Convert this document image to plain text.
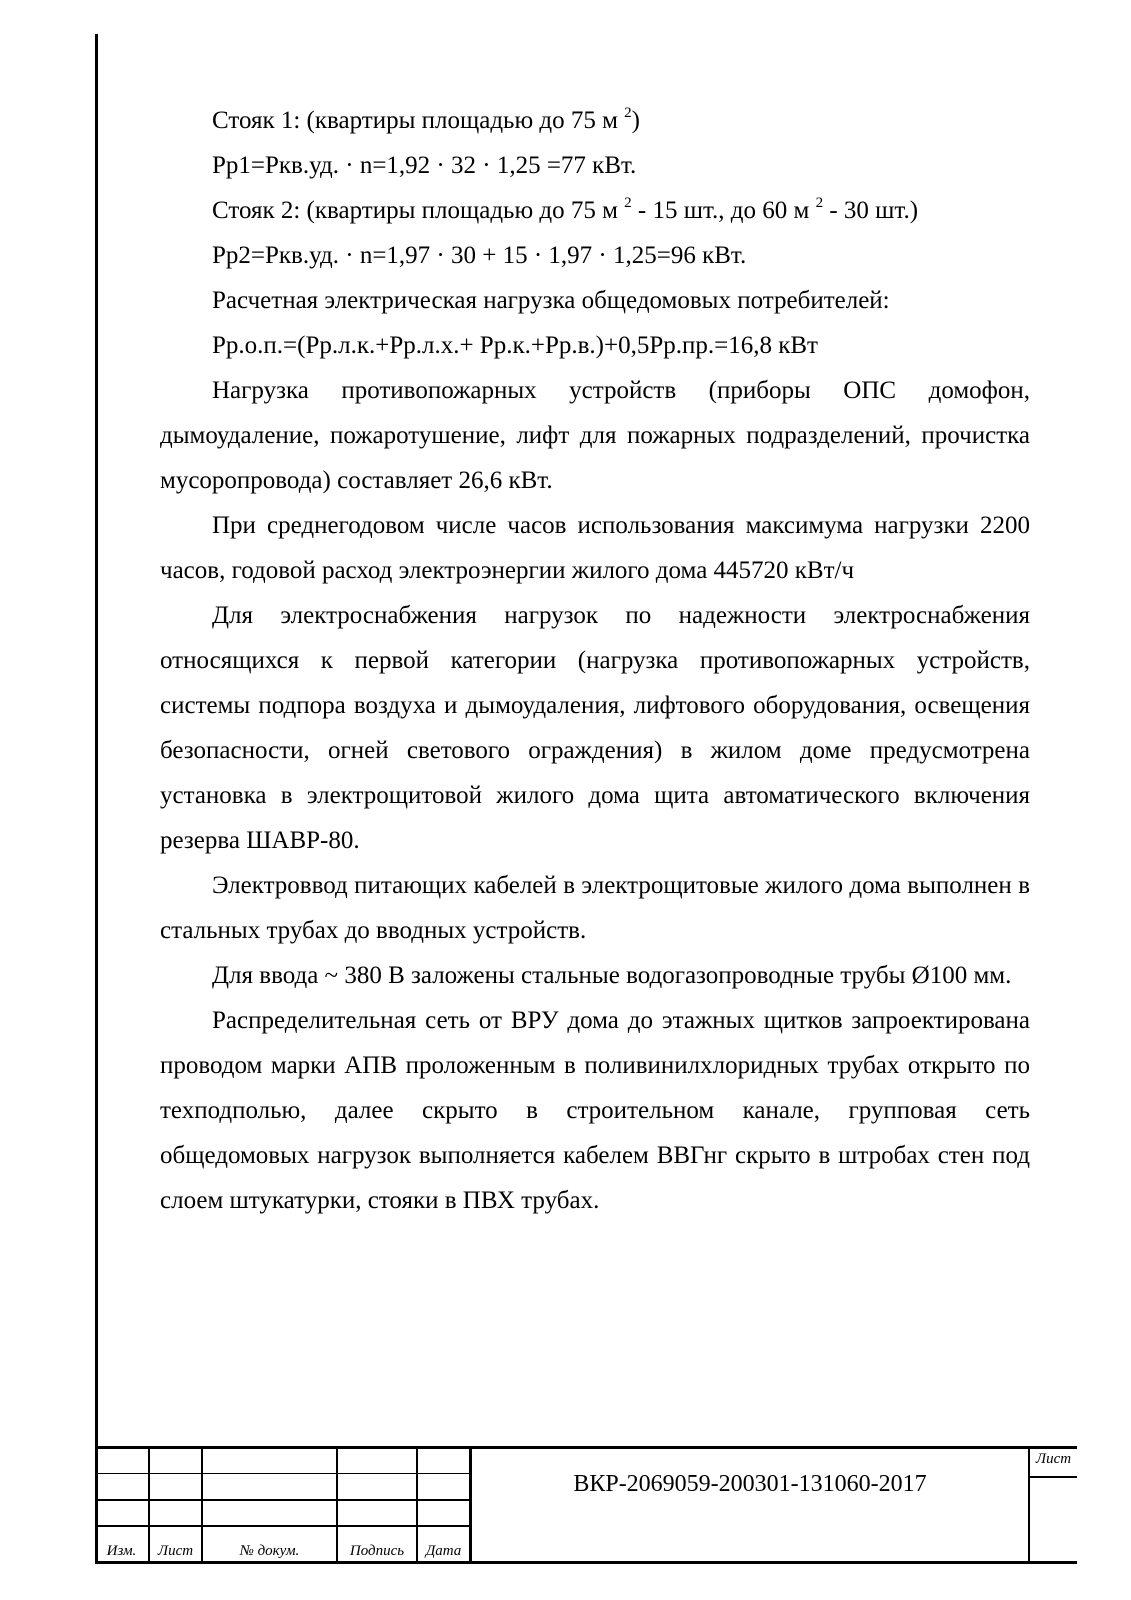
Стояк 1: (квартиры площадью до 75 м $^2$)

Рр1=Ркв.уд. · n=1,92 · 32 · 1,25 =77 кВт.

Стояк 2: (квартиры площадью до 75 м $^2$ - 15 шт., до 60 м $^2$ - 30 шт.)

Рр2=Ркв.уд. · n=1,97 · 30 + 15 · 1,97 · 1,25=96 кВт.

Расчетная электрическая нагрузка общедомовых потребителей:

Рр.о.п.=(Рр.л.к.+Рр.л.х.+ Рр.к.+Рр.в.)+0,5Рр.пр.=16,8 кВт

Нагрузка противопожарных устройств (приборы ОПС домофон, дымоудаление, пожаротушение, лифт для пожарных подразделений, прочистка мусоропровода) составляет 26,6 кВт.

При среднегодовом числе часов использования максимума нагрузки 2200 часов, годовой расход электроэнергии жилого дома 445720 кВт/ч

Для электроснабжения нагрузок по надежности электроснабжения относящихся к первой категории (нагрузка противопожарных устройств, системы подпора воздуха и дымоудаления, лифтового оборудования, освещения безопасности, огней светового ограждения) в жилом доме предусмотрена установка в электрощитовой жилого дома щита автоматического включения резерва ШАВР-80.

Электроввод питающих кабелей в электрощитовые жилого дома выполнен в стальных трубах до вводных устройств.

Для ввода ~ 380 В заложены стальные водогазопроводные трубы Ø100 мм.

Распределительная сеть от ВРУ дома до этажных щитков запроектирована проводом марки АПВ проложенным в поливинилхлоридных трубах открыто по техподполью, далее скрыто в строительном канале, групповая сеть общедомовых нагрузок выполняется кабелем ВВГнг скрыто в штробах стен под слоем штукатурки, стояки в ПВХ трубах.

Изм.	Лист	№ докум.	Подпись	Дата
ВКР-2069059-200301-131060-2017
Лист
